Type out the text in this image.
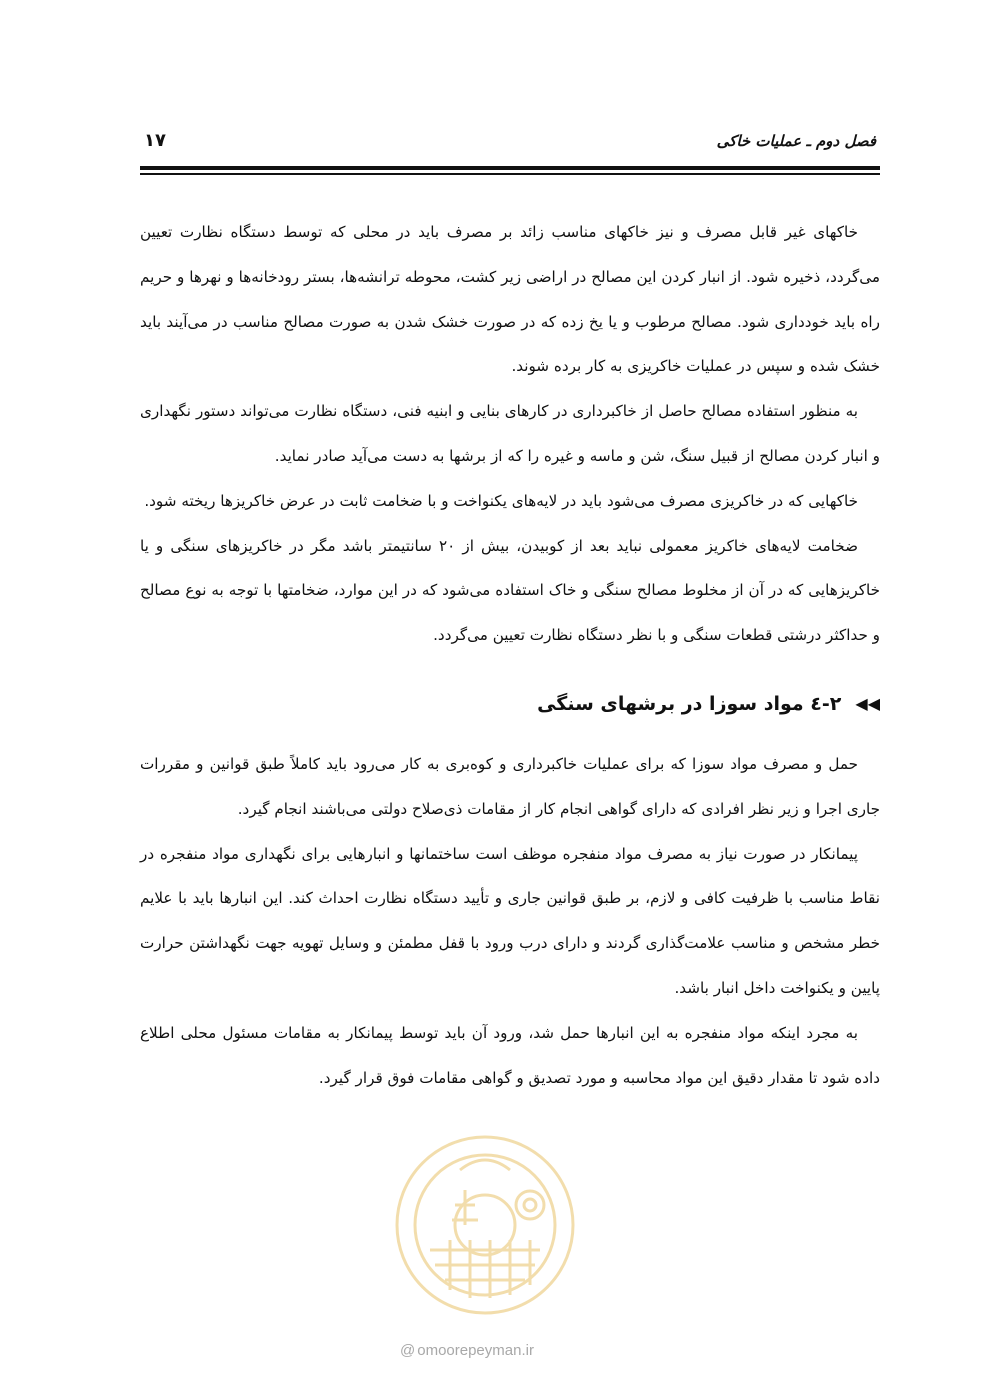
فصل دوم ـ عملیات خاکی
۱۷

خاکهای غیر قابل مصرف و نیز خاکهای مناسب زائد بر مصرف باید در محلی که توسط دستگاه نظارت تعیین می‌گردد، ذخیره شود. از انبار کردن این مصالح در اراضی زیر کشت، محوطه ترانشه‌ها، بستر رودخانه‌ها و نهرها و حریم راه باید خودداری شود. مصالح مرطوب و یا یخ زده که در صورت خشک شدن به صورت مصالح مناسب در می‌آیند باید خشک شده و سپس در عملیات خاکریزی به کار برده شوند.

به منظور استفاده مصالح حاصل از خاکبرداری در کارهای بنایی و ابنیه فنی، دستگاه نظارت می‌تواند دستور نگهداری و انبار کردن مصالح از قبیل سنگ، شن و ماسه و غیره را که از برشها به دست می‌آید صادر نماید.

خاکهایی که در خاکریزی مصرف می‌شود باید در لایه‌های یکنواخت و با ضخامت ثابت در عرض خاکریزها ریخته شود.

ضخامت لایه‌های خاکریز معمولی نباید بعد از کوبیدن، بیش از ۲۰ سانتیمتر باشد مگر در خاکریزهای سنگی و یا خاکریزهایی که در آن از مخلوط مصالح سنگی و خاک استفاده می‌شود که در این موارد، ضخامتها با توجه به نوع مصالح و حداکثر درشتی قطعات سنگی و با نظر دستگاه نظارت تعیین می‌گردد.

◀◀
۲-٤ مواد سوزا در برشهای سنگی

حمل و مصرف مواد سوزا که برای عملیات خاکبرداری و کوه‌بری به کار می‌رود باید کاملاً طبق قوانین و مقررات جاری اجرا و زیر نظر افرادی که دارای گواهی انجام کار از مقامات ذی‌صلاح دولتی می‌باشند انجام گیرد.

پیمانکار در صورت نیاز به مصرف مواد منفجره موظف است ساختمانها و انبارهایی برای نگهداری مواد منفجره در نقاط مناسب با ظرفیت کافی و لازم، بر طبق قوانین جاری و تأیید دستگاه نظارت احداث کند. این انبارها باید با علایم خطر مشخص و مناسب علامت‌گذاری گردند و دارای درب ورود با قفل مطمئن و وسایل تهویه جهت نگهداشتن حرارت پایین و یکنواخت داخل انبار باشد.

به مجرد اینکه مواد منفجره به این انبارها حمل شد، ورود آن باید توسط پیمانکار به مقامات مسئول محلی اطلاع داده شود تا مقدار دقیق این مواد محاسبه و مورد تصدیق و گواهی مقامات فوق قرار گیرد.

@ omoorepeyman.ir
